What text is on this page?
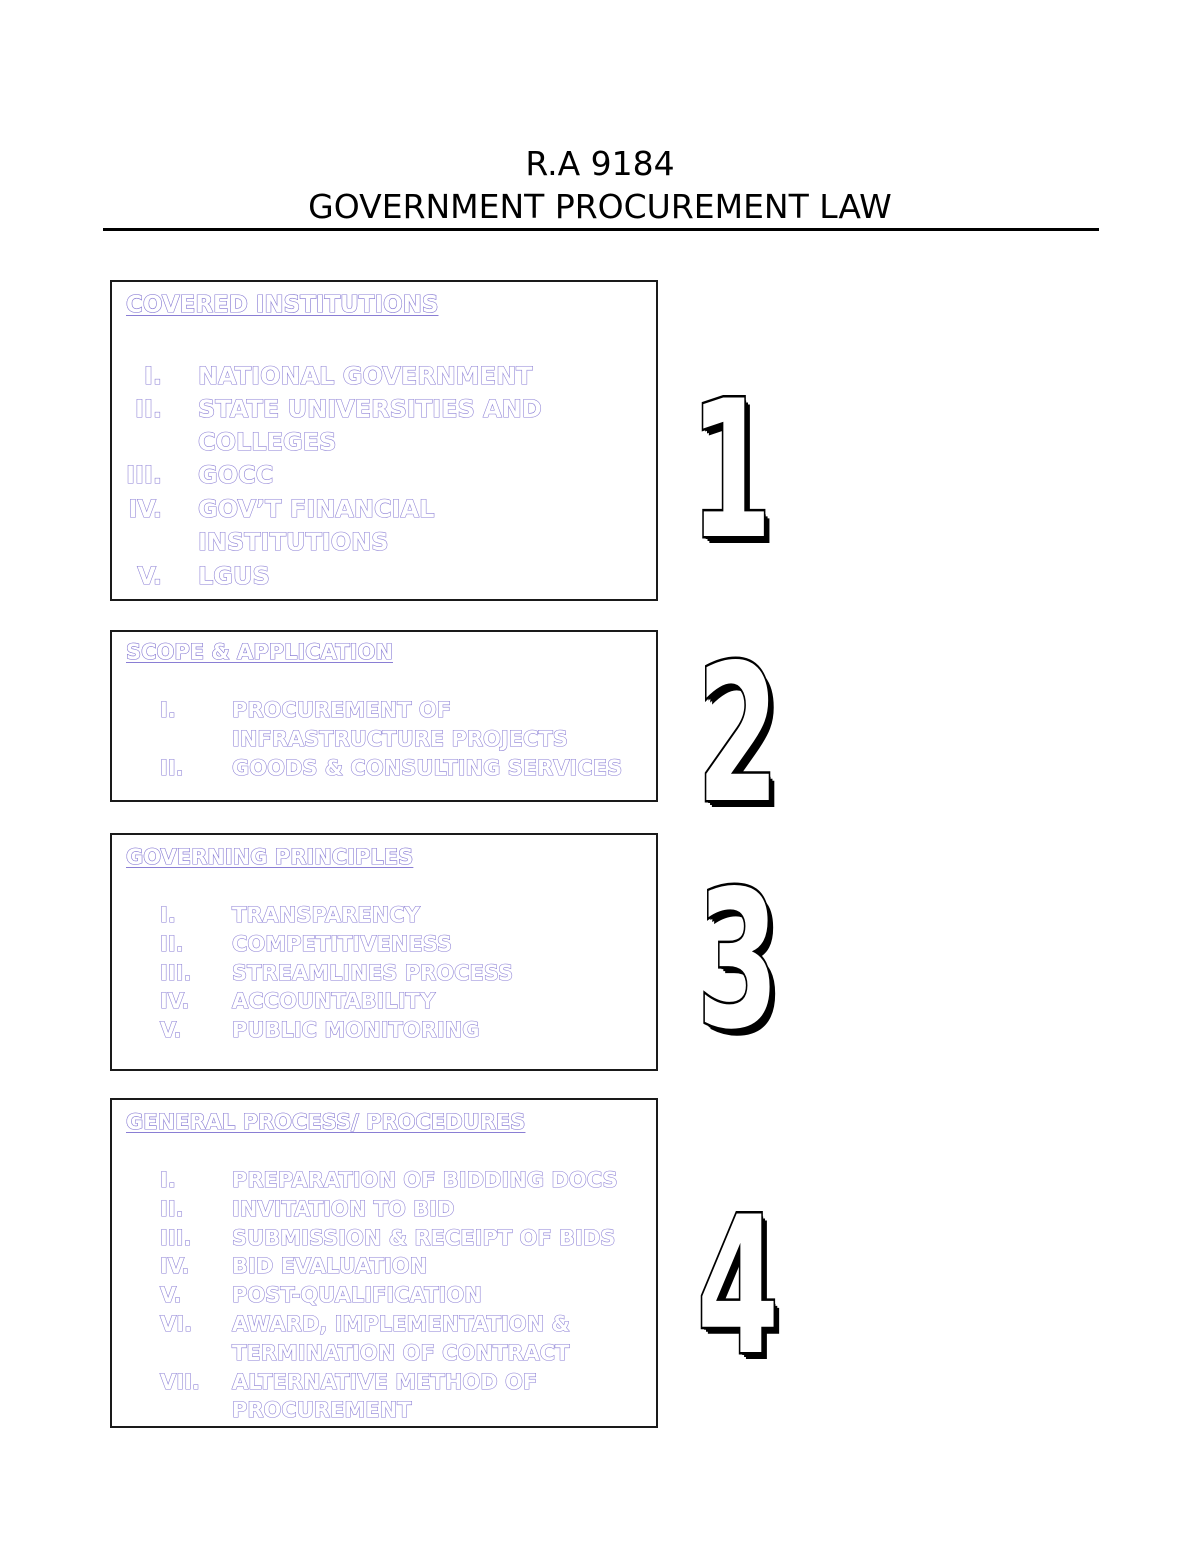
R.A 9184
GOVERNMENT PROCUREMENT LAW
COVERED INSTITUTIONS
I. NATIONAL GOVERNMENT
II. STATE UNIVERSITIES AND
COLLEGES
III. GOCC
IV. GOV’T FINANCIAL
INSTITUTIONS
V. LGUS 1
SCOPE & APPLICATION
I.	PROCUREMENT OF
INFRASTRUCTURE PROJECTS
II.	GOODS & CONSULTING SERVICES 2
GOVERNING PRINCIPLES
I.	TRANSPARENCY
II.	COMPETITIVENESS
III.	STREAMLINES PROCESS
IV.	ACCOUNTABILITY
V.	PUBLIC MONITORING 3
GENERAL PROCESS/ PROCEDURES
I.	PREPARATION OF BIDDING DOCS
II.	INVITATION TO BID
III.	SUBMISSION & RECEIPT OF BIDS
IV.	BID EVALUATION
V.	POST-QUALIFICATION
VI.	AWARD, IMPLEMENTATION &
TERMINATION OF CONTRACT
VII.	ALTERNATIVE METHOD OF
PROCUREMENT
4
